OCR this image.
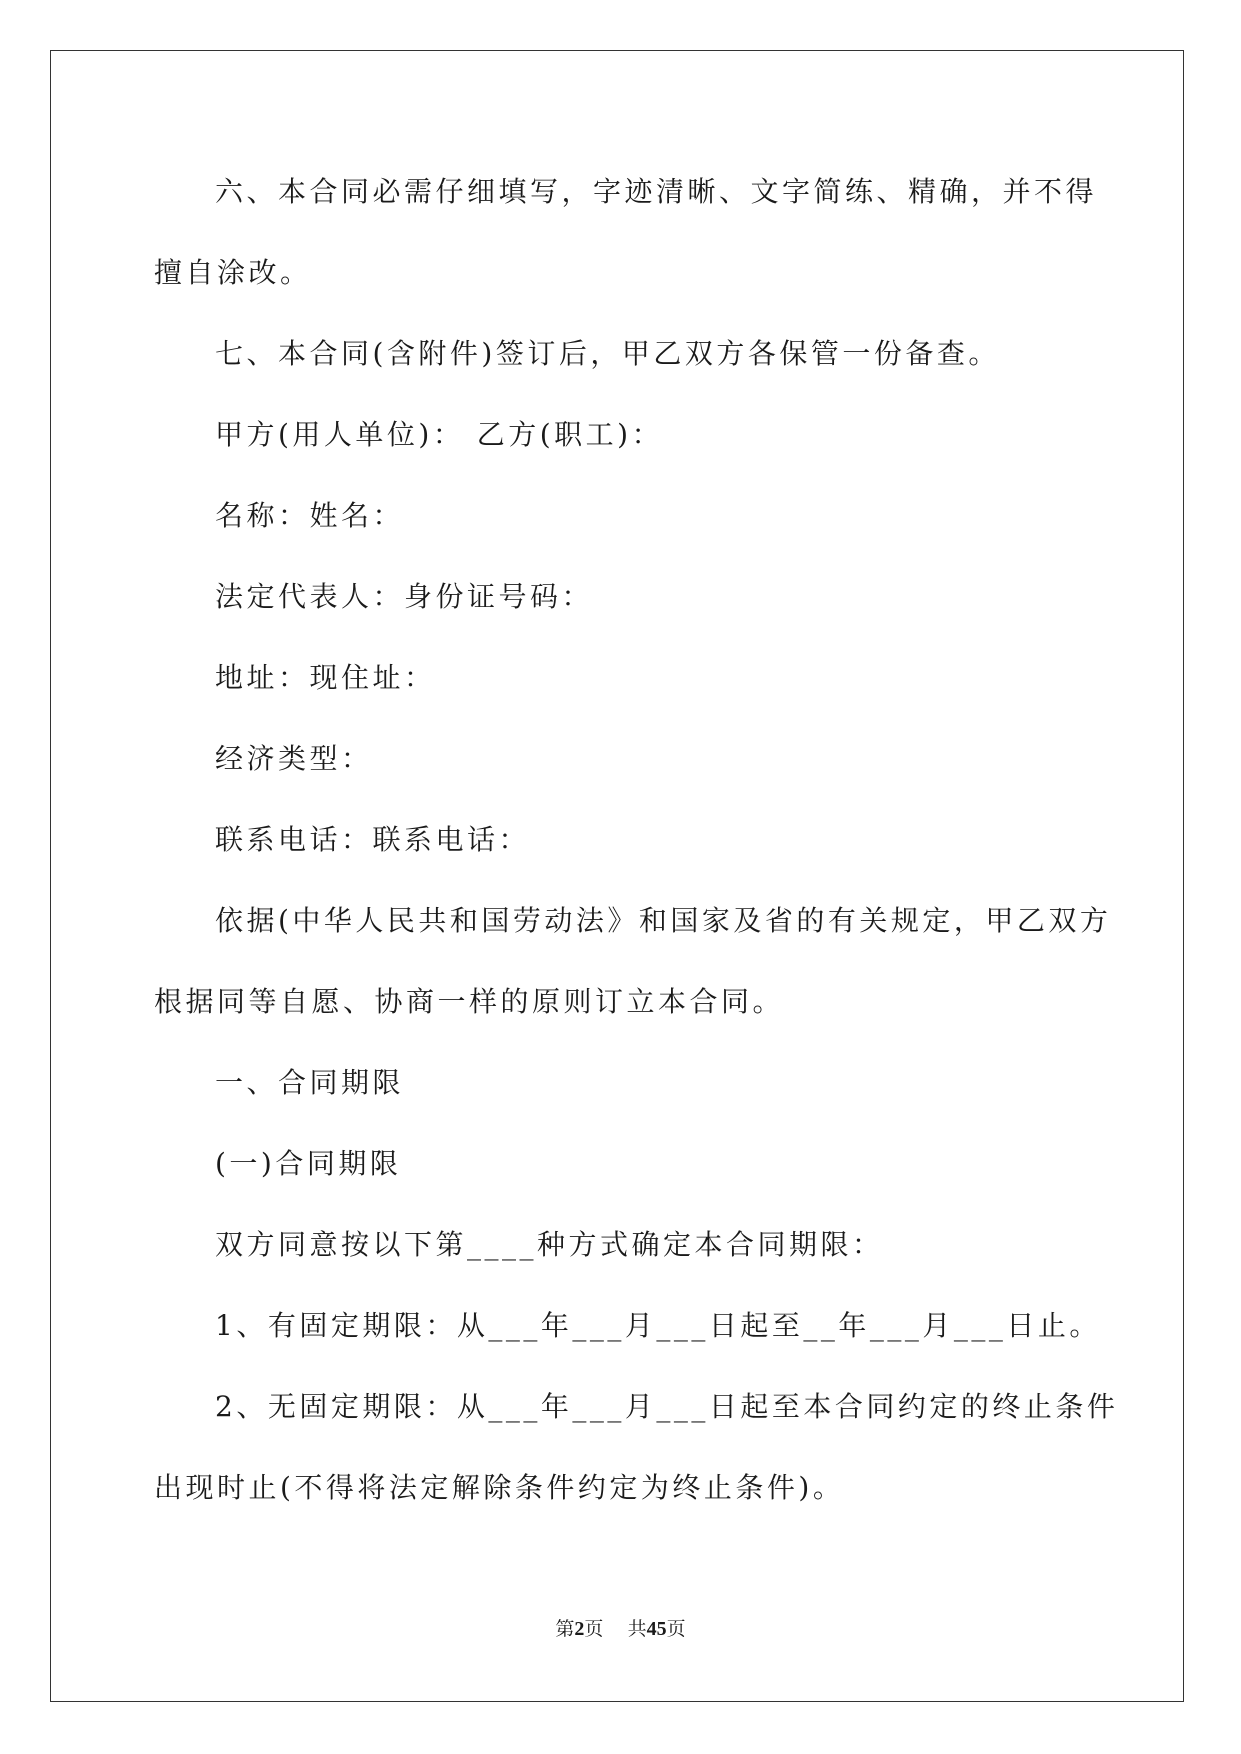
六、本合同必需仔细填写，字迹清晰、文字简练、精确，并不得

擅自涂改。

七、本合同(含附件)签订后，甲乙双方各保管一份备查。

甲方(用人单位)： 乙方(职工)：

名称：姓名：

法定代表人：身份证号码：

地址：现住址：

经济类型：

联系电话：联系电话：

依据(中华人民共和国劳动法》和国家及省的有关规定，甲乙双方

根据同等自愿、协商一样的原则订立本合同。

一、合同期限

(一)合同期限

双方同意按以下第____种方式确定本合同期限：

1、有固定期限：从___年___月___日起至__年___月___日止。

2、无固定期限：从___年___月___日起至本合同约定的终止条件

出现时止(不得将法定解除条件约定为终止条件)。

第2页 共45页
